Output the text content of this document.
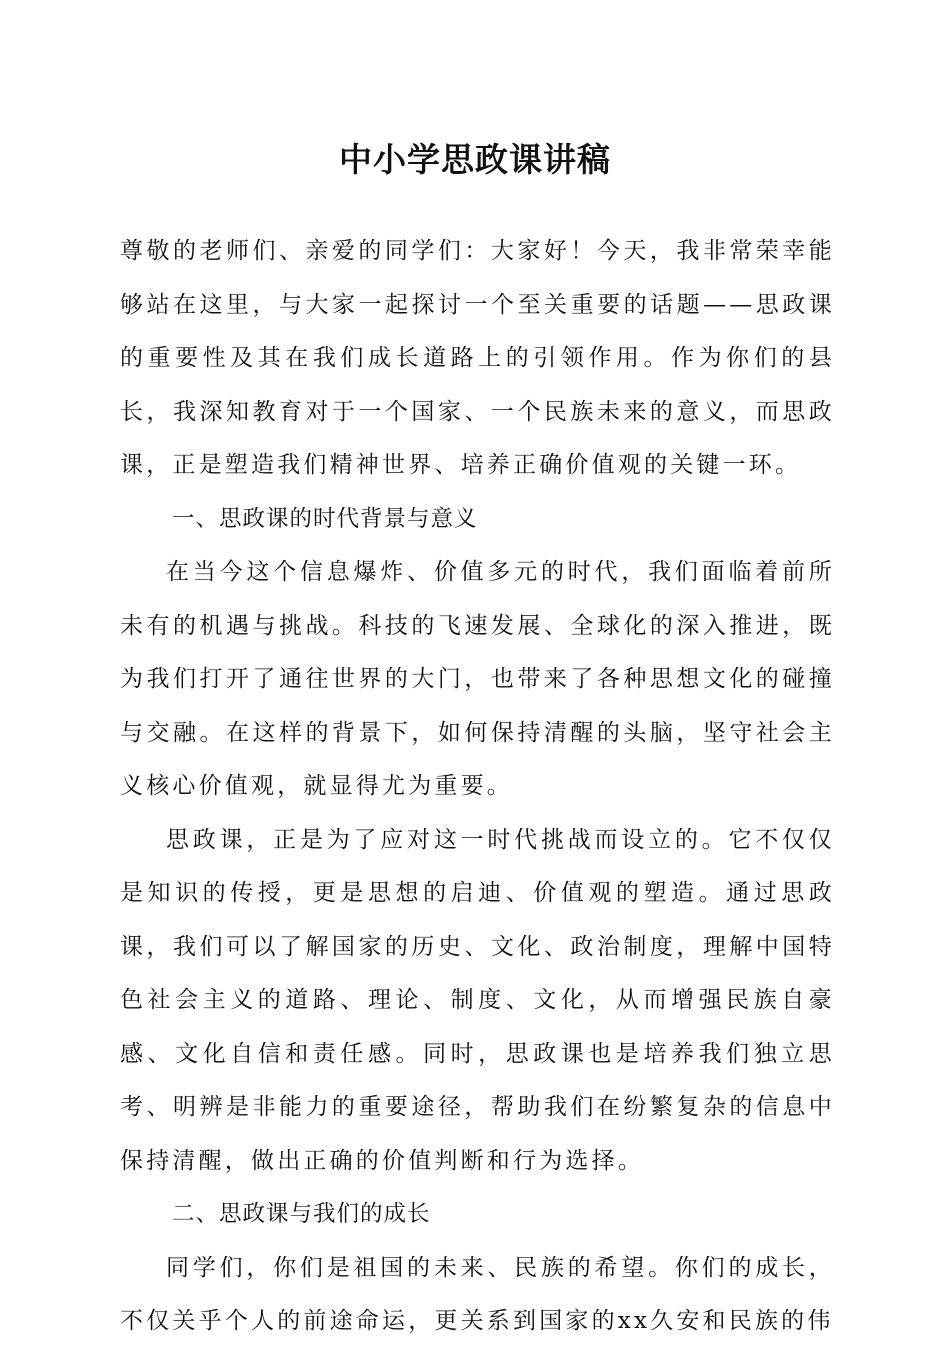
中小学思政课讲稿

尊敬的老师们、亲爱的同学们：大家好！今天，我非常荣幸能够站在这里，与大家一起探讨一个至关重要的话题——思政课的重要性及其在我们成长道路上的引领作用。作为你们的县长，我深知教育对于一个国家、一个民族未来的意义，而思政课，正是塑造我们精神世界、培养正确价值观的关键一环。

一、思政课的时代背景与意义

在当今这个信息爆炸、价值多元的时代，我们面临着前所未有的机遇与挑战。科技的飞速发展、全球化的深入推进，既为我们打开了通往世界的大门，也带来了各种思想文化的碰撞与交融。在这样的背景下，如何保持清醒的头脑，坚守社会主义核心价值观，就显得尤为重要。

思政课，正是为了应对这一时代挑战而设立的。它不仅仅是知识的传授，更是思想的启迪、价值观的塑造。通过思政课，我们可以了解国家的历史、文化、政治制度，理解中国特色社会主义的道路、理论、制度、文化，从而增强民族自豪感、文化自信和责任感。同时，思政课也是培养我们独立思考、明辨是非能力的重要途径，帮助我们在纷繁复杂的信息中保持清醒，做出正确的价值判断和行为选择。

二、思政课与我们的成长

同学们，你们是祖国的未来、民族的希望。你们的成长，不仅关乎个人的前途命运，更关系到国家的xx久安和民族的伟
